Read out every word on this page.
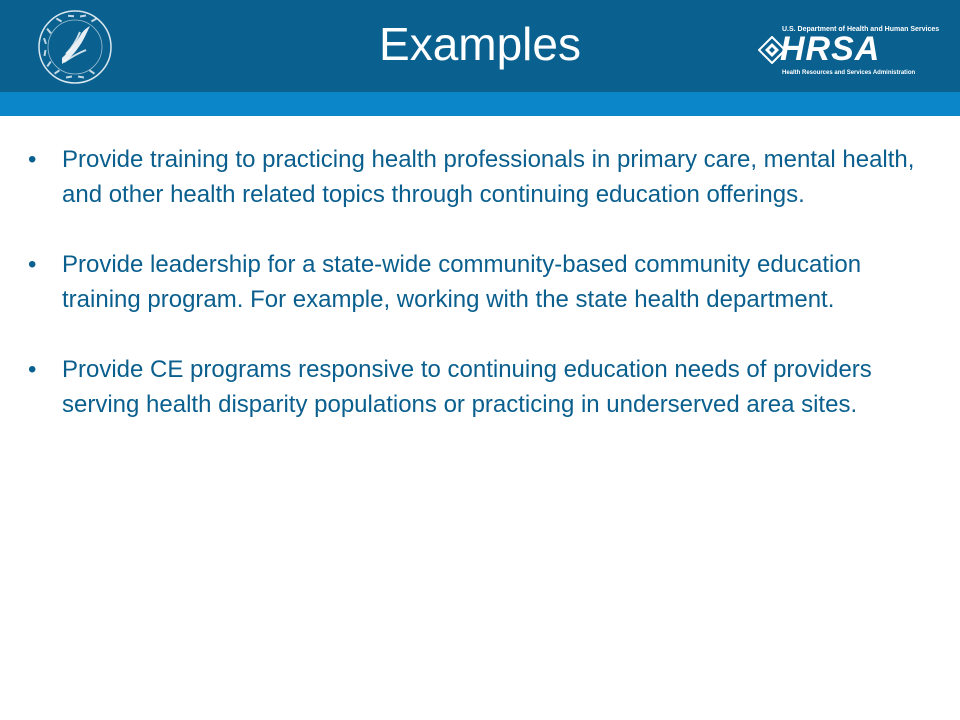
Examples	U.S. Department of Health and Human Services
HRSA
Health Resources and Services Administration
• Provide training to practicing health professionals in primary care, mental health, and other health related topics through continuing education offerings.
• Provide leadership for a state-wide community-based community education training program. For example, working with the state health department.
• Provide CE programs responsive to continuing education needs of providers serving health disparity populations or practicing in underserved area sites.
